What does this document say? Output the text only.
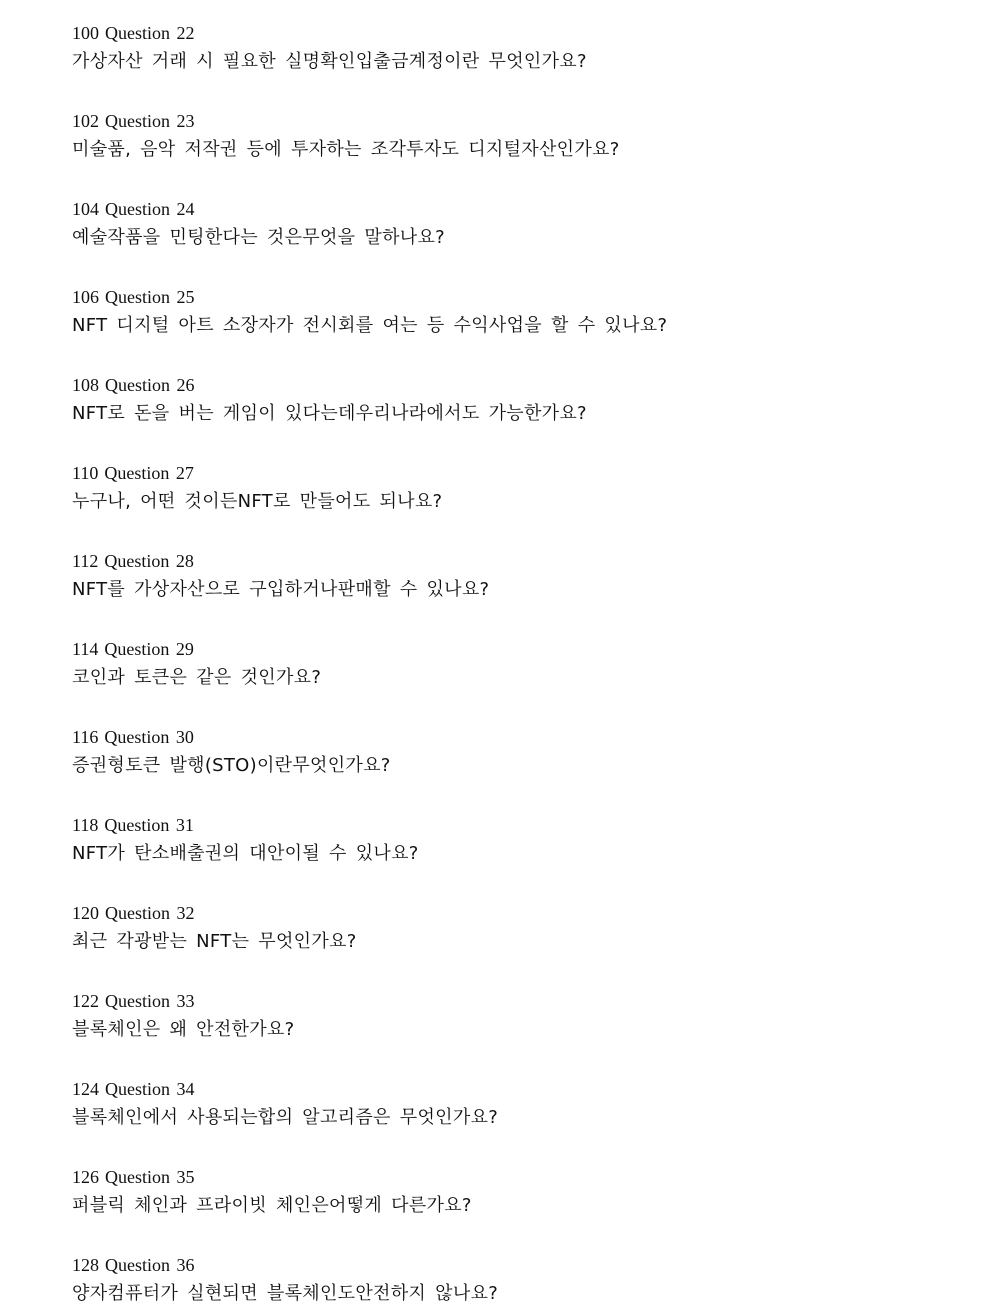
100 Question 22
가상자산 거래 시 필요한 실명확인입출금계정이란 무엇인가요?
102 Question 23
미술품, 음악 저작권 등에 투자하는 조각투자도 디지털자산인가요?
104 Question 24
예술작품을 민팅한다는 것은무엇을 말하나요?
106 Question 25
NFT 디지털 아트 소장자가 전시회를 여는 등 수익사업을 할 수 있나요?
108 Question 26
NFT로 돈을 버는 게임이 있다는데우리나라에서도 가능한가요?
110 Question 27
누구나, 어떤 것이든NFT로 만들어도 되나요?
112 Question 28
NFT를 가상자산으로 구입하거나판매할 수 있나요?
114 Question 29
코인과 토큰은 같은 것인가요?
116 Question 30
증권형토큰 발행(STO)이란무엇인가요?
118 Question 31
NFT가 탄소배출권의 대안이될 수 있나요?
120 Question 32
최근 각광받는 NFT는 무엇인가요?
122 Question 33
블록체인은 왜 안전한가요?
124 Question 34
블록체인에서 사용되는합의 알고리즘은 무엇인가요?
126 Question 35
퍼블릭 체인과 프라이빗 체인은어떻게 다른가요?
128 Question 36
양자컴퓨터가 실현되면 블록체인도안전하지 않나요?
